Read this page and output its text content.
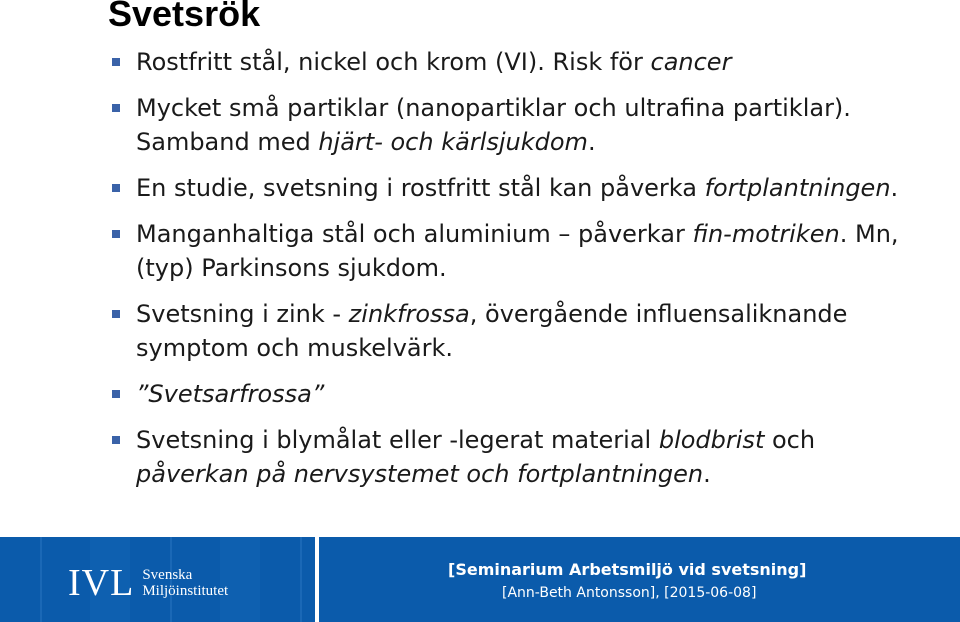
Svetsrök
Rostfritt stål, nickel och krom (VI). Risk för cancer
Mycket små partiklar (nanopartiklar och ultrafina partiklar). Samband med hjärt- och kärlsjukdom.
En studie, svetsning i rostfritt stål kan påverka fortplantningen.
Manganhaltiga stål och aluminium – påverkar fin-motriken. Mn, (typ) Parkinsons sjukdom.
Svetsning i zink - zinkfrossa, övergående influensaliknande symptom och muskelvärk.
”Svetsarfrossa”
Svetsning i blymålat eller -legerat material blodbrist och påverkan på nervsystemet och fortplantningen.
IVL Svenska
Miljöinstitutet
[Seminarium Arbetsmiljö vid svetsning]
[Ann-Beth Antonsson], [2015-06-08]
